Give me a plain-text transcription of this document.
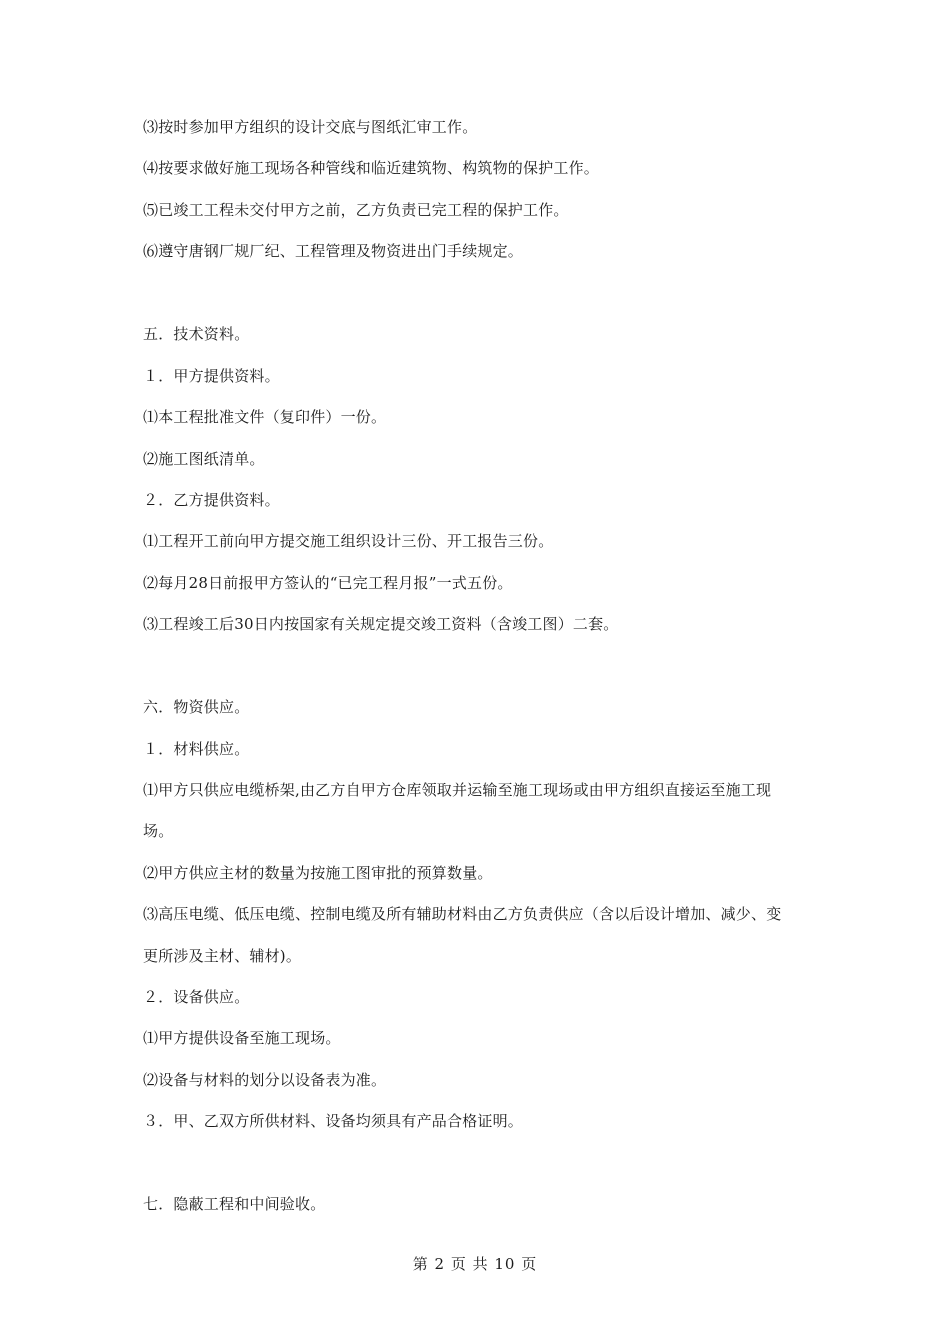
⑶按时参加甲方组织的设计交底与图纸汇审工作。
⑷按要求做好施工现场各种管线和临近建筑物、构筑物的保护工作。
⑸已竣工工程未交付甲方之前，乙方负责已完工程的保护工作。
⑹遵守唐钢厂规厂纪、工程管理及物资进出门手续规定。
五．技术资料。
１．甲方提供资料。
⑴本工程批准文件（复印件）一份。
⑵施工图纸清单。
２．乙方提供资料。
⑴工程开工前向甲方提交施工组织设计三份、开工报告三份。
⑵每月28日前报甲方签认的“已完工程月报”一式五份。
⑶工程竣工后30日内按国家有关规定提交竣工资料（含竣工图）二套。
六．物资供应。
１．材料供应。
⑴甲方只供应电缆桥架,由乙方自甲方仓库领取并运输至施工现场或由甲方组织直接运至施工现
场。
⑵甲方供应主材的数量为按施工图审批的预算数量。
⑶高压电缆、低压电缆、控制电缆及所有辅助材料由乙方负责供应（含以后设计增加、减少、变
更所涉及主材、辅材)。
２．设备供应。
⑴甲方提供设备至施工现场。
⑵设备与材料的划分以设备表为准。
３．甲、乙双方所供材料、设备均须具有产品合格证明。
七．隐蔽工程和中间验收。
第 2 页 共 10 页
